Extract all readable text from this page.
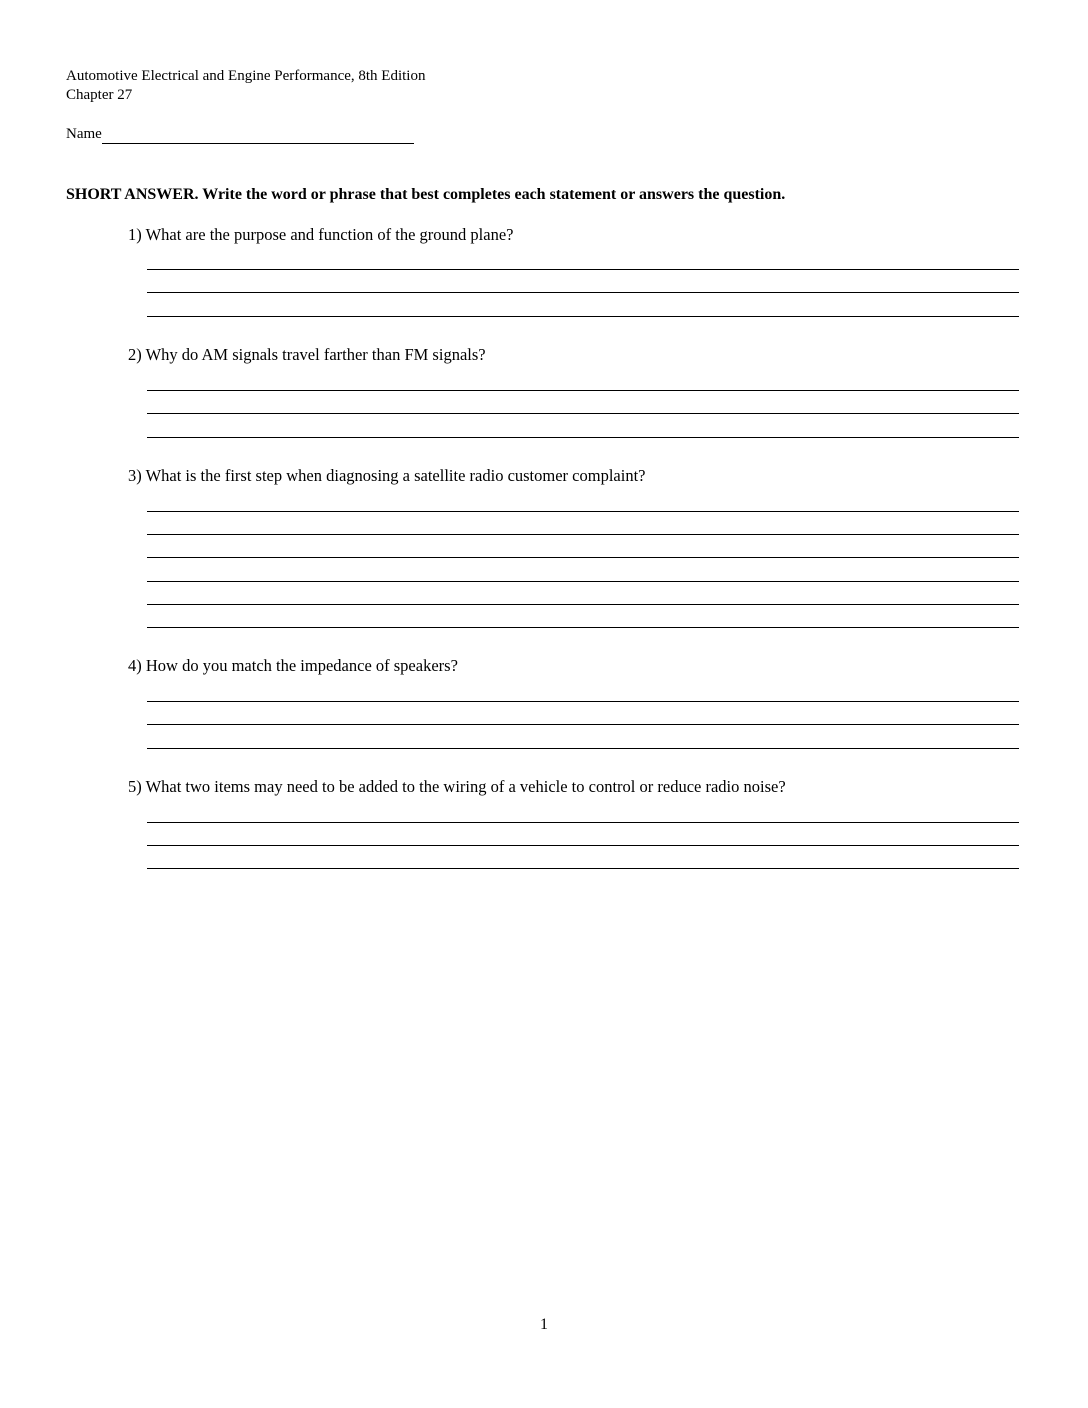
Automotive Electrical and Engine Performance, 8th Edition
Chapter 27
Name
SHORT ANSWER. Write the word or phrase that best completes each statement or answers the question.
1) What are the purpose and function of the ground plane?
2) Why do AM signals travel farther than FM signals?
3) What is the first step when diagnosing a satellite radio customer complaint?
4) How do you match the impedance of speakers?
5) What two items may need to be added to the wiring of a vehicle to control or reduce radio noise?
1
